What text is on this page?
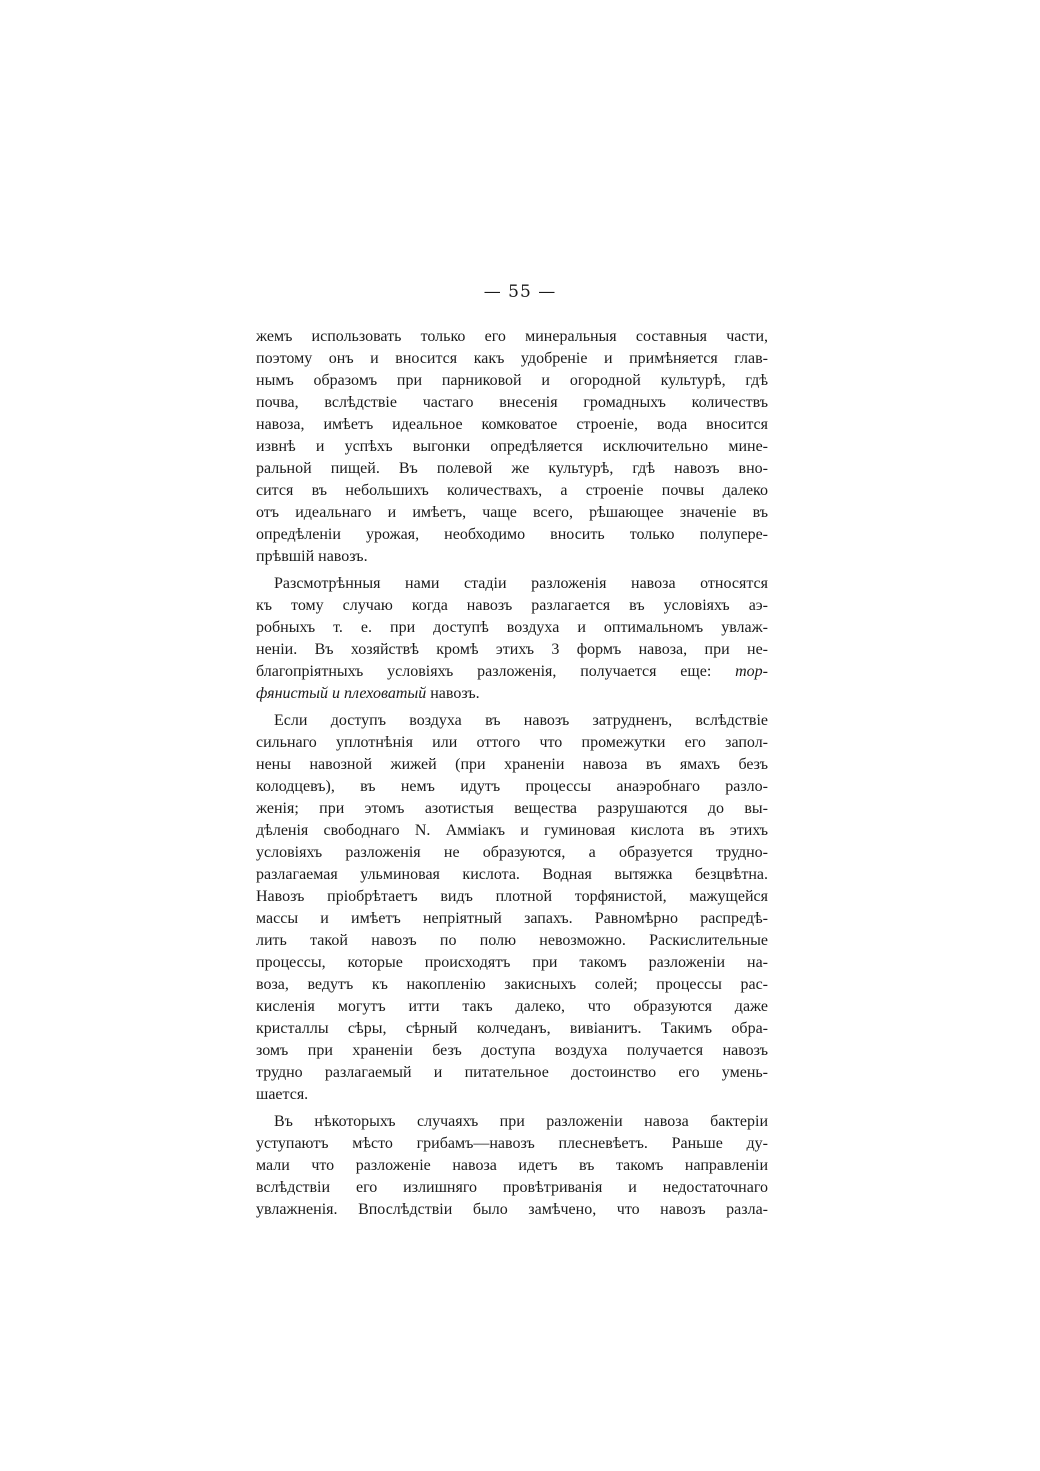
— 55 —
жемъ использовать только его минеральныя составныя части,
поэтому онъ и вносится какъ удобреніе и примѣняется глав-
нымъ образомъ при парниковой и огородной культурѣ, гдѣ
почва, вслѣдствіе частаго внесенія громадныхъ количествъ
навоза, имѣетъ идеальное комковатое строеніе, вода вносится
извнѣ и успѣхъ выгонки опредѣляется исключительно мине-
ральной пищей. Въ полевой же культурѣ, гдѣ навозъ вно-
сится въ небольшихъ количествахъ, а строеніе почвы далеко
отъ идеальнаго и имѣетъ, чаще всего, рѣшающее значеніе въ
опредѣленіи урожая, необходимо вносить только полупере-
прѣвшій навозъ.
Разсмотрѣнныя нами стадіи разложенія навоза относятся
къ тому случаю когда навозъ разлагается въ условіяхъ аэ-
робныхъ т. е. при доступѣ воздуха и оптимальномъ увлаж-
неніи. Въ хозяйствѣ кромѣ этихъ 3 формъ навоза, при не-
благопріятныхъ условіяхъ разложенія, получается еще: тор-
фянистый и плеховатый навозъ.
Если доступъ воздуха въ навозъ затрудненъ, вслѣдствіе
сильнаго уплотнѣнія или оттого что промежутки его запол-
нены навозной жижей (при храненіи навоза въ ямахъ безъ
колодцевъ), въ немъ идутъ процессы анаэробнаго разло-
женія; при этомъ азотистыя вещества разрушаются до вы-
дѣленія свободнаго N. Аммiакъ и гуминовая кислота въ этихъ
условіяхъ разложенія не образуются, а образуется трудно-
разлагаемая ульминовая кислота. Водная вытяжка безцвѣтна.
Навозъ пріобрѣтаетъ видъ плотной торфянистой, мажущейся
массы и имѣетъ непріятный запахъ. Равномѣрно распредѣ-
лить такой навозъ по полю невозможно. Раскислительные
процессы, которые происходятъ при такомъ разложеніи на-
воза, ведутъ къ накопленію закисныхъ солей; процессы рас-
кисленія могутъ итти такъ далеко, что образуются даже
кристаллы сѣры, сѣрный колчеданъ, вивіанитъ. Такимъ обра-
зомъ при храненіи безъ доступа воздуха получается навозъ
трудно разлагаемый и питательное достоинство его умень-
шается.
Въ нѣкоторыхъ случаяхъ при разложеніи навоза бактеріи
уступаютъ мѣсто грибамъ—навозъ плесневѣетъ. Раньше ду-
мали что разложеніе навоза идетъ въ такомъ направленіи
вслѣдствіи его излишняго провѣтриванія и недостаточнаго
увлажненія. Впослѣдствіи было замѣчено, что навозъ разла-
